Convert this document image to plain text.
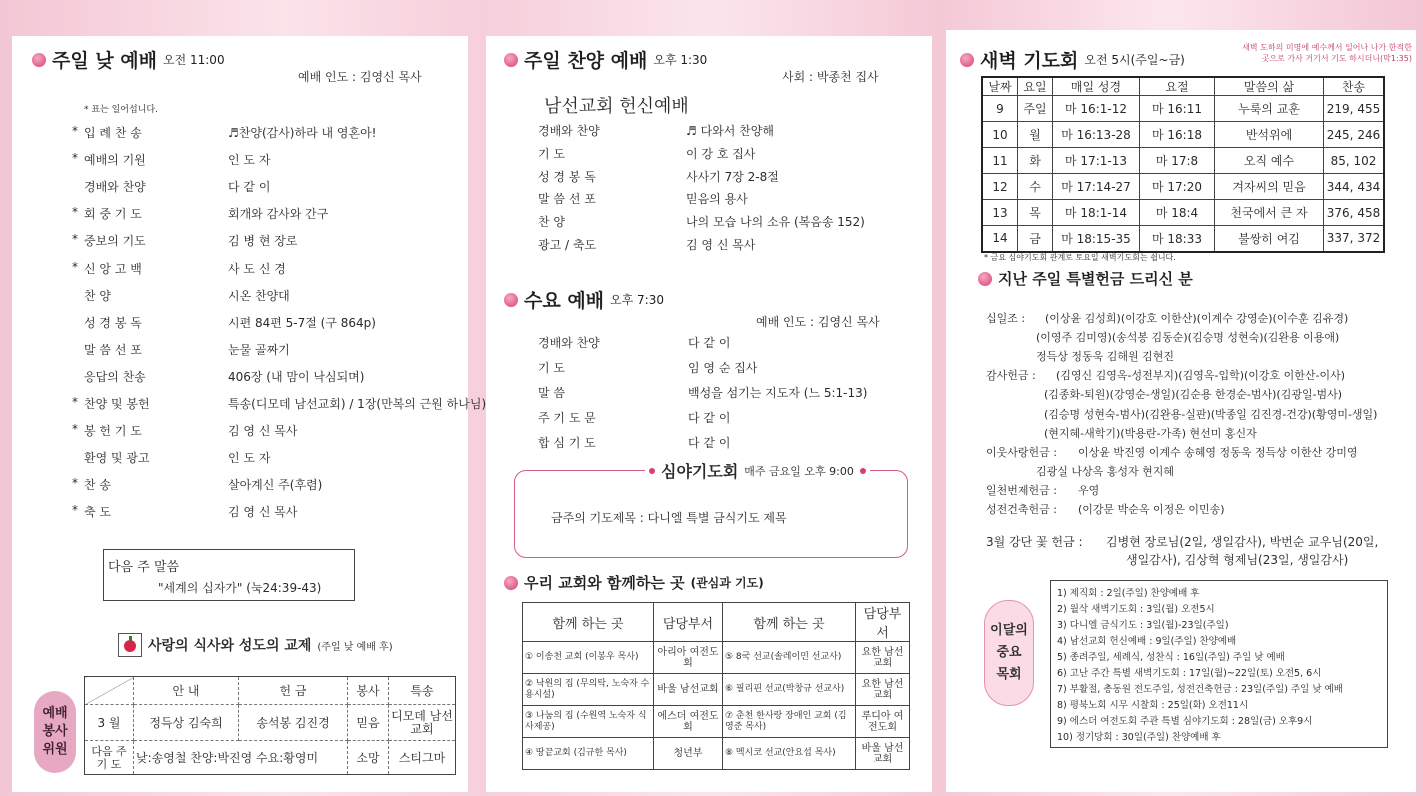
주일 낮 예배 오전 11:00
예배 인도 : 김영신 목사
* 표는 일어섭니다.
* 입 례 찬 송	♬찬양(감사)하라 내 영혼아!
* 예배의 기원	인 도 자
경배와 찬양	다 같 이
* 회 중 기 도	회개와 감사와 간구
* 중보의 기도	김 병 현 장로
* 신 앙 고 백	사 도 신 경
찬 양	시온 찬양대
성 경 봉 독	시편 84편 5-7절 (구 864p)
말 씀 선 포	눈물 골짜기
응답의 찬송	406장 (내 맘이 낙심되며)
* 찬양 및 봉헌	특송(디모데 남선교회) / 1장(만복의 근원 하나님)
* 봉 헌 기 도	김 영 신 목사
환영 및 광고	인 도 자
* 찬 송	살아계신 주(후렴)
* 축 도	김 영 신 목사
다음 주 말씀
"세계의 십자가" (눅24:39-43)
사랑의 식사와 성도의 교제 (주일 낮 예배 후)
예배
봉사
위원
	안 내	헌 금	봉사	특송
3 월	정득상 김숙희	송석봉 김진경	믿음	디모데 남선교회
다음 주 기 도	낮:송영철 찬양:박진영 수요:황영미		소망	스티그마
주일 찬양 예배 오후 1:30
사회 : 박종천 집사
남선교회 헌신예배
경배와 찬양	♬ 다와서 찬양해
기 도	이 강 호 집사
성 경 봉 독	사사기 7장 2-8절
말 씀 선 포	믿음의 용사
찬 양	나의 모습 나의 소유 (복음송 152)
광고 / 축도	김 영 신 목사
수요 예배 오후 7:30
예배 인도 : 김영신 목사
경배와 찬양	다 같 이
기 도	임 영 순 집사
말 씀	백성을 섬기는 지도자 (느 5:1-13)
주 기 도 문	다 같 이
합 심 기 도	다 같 이
심야기도회 매주 금요일 오후 9:00
금주의 기도제목 : 다니엘 특별 금식기도 제목
우리 교회와 함께하는 곳 (관심과 기도)
함께 하는 곳	담당부서	함께 하는 곳	담당부서
① 이송천 교회 (이봉우 목사)	아리아 여전도회	⑤ 8국 선교(솔레이민 선교사)	요한 남선교회
② 낙원의 집 (무의탁, 노숙자 수용시설)	바울 남선교회	⑥ 필리핀 선교(박창규 선교사)	요한 남선교회
③ 나눔의 집 (수원역 노숙자 식사제공)	에스더 여전도회	⑦ 춘천 한사랑 장애인 교회 (김영준 목사)	루디아 여전도회
④ 땅끝교회 (김규한 목사)	청년부	⑧ 멕시코 선교(안요섭 목사)	바울 남선교회
새벽 기도회 오전 5시(주일~금)
새벽 도하의 미명에 예수께서 일어나 나가 한적한 곳으로 가사 거기서 기도 하시더니(막1:35)
날짜	요일	매일 성경	요절	말씀의 삶	찬송
9	주일	마 16:1-12	마 16:11	누룩의 교훈	219, 455
10	월	마 16:13-28	마 16:18	반석위에	245, 246
11	화	마 17:1-13	마 17:8	오직 예수	85, 102
12	수	마 17:14-27	마 17:20	겨자씨의 믿음	344, 434
13	목	마 18:1-14	마 18:4	천국에서 큰 자	376, 458
14	금	마 18:15-35	마 18:33	불쌍히 여김	337, 372
* 금요 심야기도회 관계로 토요일 새벽기도회는 쉽니다.
지난 주일 특별헌금 드리신 분
십일조 : (이상윤 김성희)(이강호 이한산)(이계수 강영순)(이수훈 김유경)
(이영주 김미영)(송석봉 김동순)(김승명 성현숙)(김완용 이용애)
정득상 정동욱 김해원 김현진
감사헌금 : (김영신 김영옥-성전부지)(김영옥-입학)(이강호 이한산-이사)
(김종화-퇴원)(강영순-생일)(김순용 한경순-범사)(김광일-범사)
(김승명 성현숙-범사)(김완용-실판)(박종일 김진경-건강)(황영미-생일)
(현지혜-새학기)(박용란-가족) 현선미 홍신자
이웃사랑헌금 : 이상윤 박진영 이계수 송혜영 정동욱 정득상 이한산 강미영
김광실 나상옥 홍성자 현지혜
일천번제헌금 : 우영
성전건축헌금 : (이강문 박순옥 이정은 이민송)
3월 강단 꽃 헌금 : 김병현 장로님(2일, 생일감사), 박번순 교우님(20일,
생일감사), 김상혁 형제님(23일, 생일감사)
이달의
중요
목회
1) 제직회 : 2일(주일) 찬양예배 후
2) 월삭 새벽기도회 : 3일(월) 오전5시
3) 다니엘 금식기도 : 3일(월)-23일(주일)
4) 남선교회 헌신예배 : 9일(주일) 찬양예배
5) 종려주일, 세례식, 성찬식 : 16일(주일) 주일 낮 예배
6) 고난 주간 특별 새벽기도회 : 17일(월)~22일(토) 오전5, 6시
7) 부활절, 총동원 전도주일, 성전건축헌금 : 23일(주일) 주일 낮 예배
8) 평북노회 시무 시찰회 : 25일(화) 오전11시
9) 에스더 여전도회 주관 특별 심야기도회 : 28일(금) 오후9시
10) 정기당회 : 30일(주일) 찬양예배 후
